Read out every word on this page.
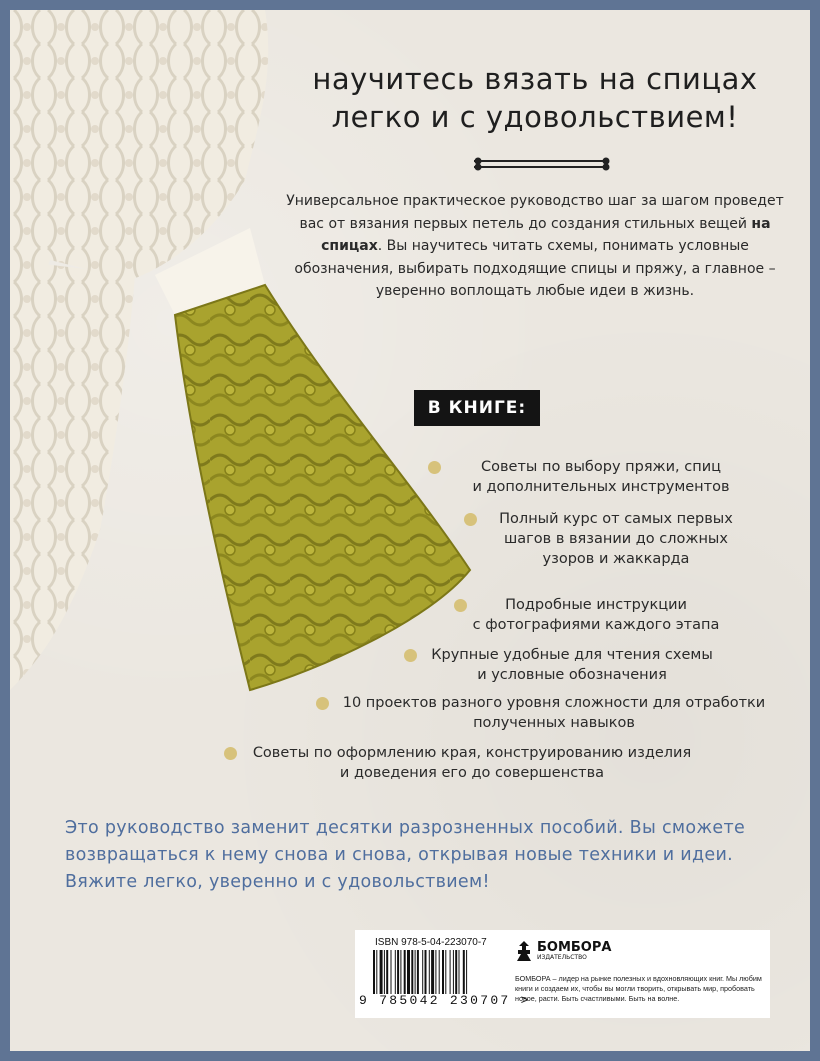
научитесь вязать на спицах
легко и с удовольствием!
Универсальное практическое руководство шаг за шагом проведет вас от вязания первых петель до создания стильных вещей на спицах. Вы научитесь читать схемы, понимать условные обозначения, выбирать подходящие спицы и пряжу, а главное – уверенно воплощать любые идеи в жизнь.
В КНИГЕ:
Советы по выбору пряжи, спиц
и дополнительных инструментов
Полный курс от самых первых
шагов в вязании до сложных
узоров и жаккарда
Подробные инструкции
с фотографиями каждого этапа
Крупные удобные для чтения схемы
и условные обозначения
10 проектов разного уровня сложности для отработки
полученных навыков
Советы по оформлению края, конструированию изделия
и доведения его до совершенства
Это руководство заменит десятки разрозненных пособий. Вы сможете
возвращаться к нему снова и снова, открывая новые техники и идеи.
Вяжите легко, уверенно и с удовольствием!
ISBN 978-5-04-223070-7
9 785042 230707 >
БОМБОРА
ИЗДАТЕЛЬСТВО
БОМБОРА – лидер на рынке полезных и вдохновляющих книг. Мы любим книги и создаем их, чтобы вы могли творить, открывать мир, пробовать новое, расти. Быть счастливыми. Быть на волне.
